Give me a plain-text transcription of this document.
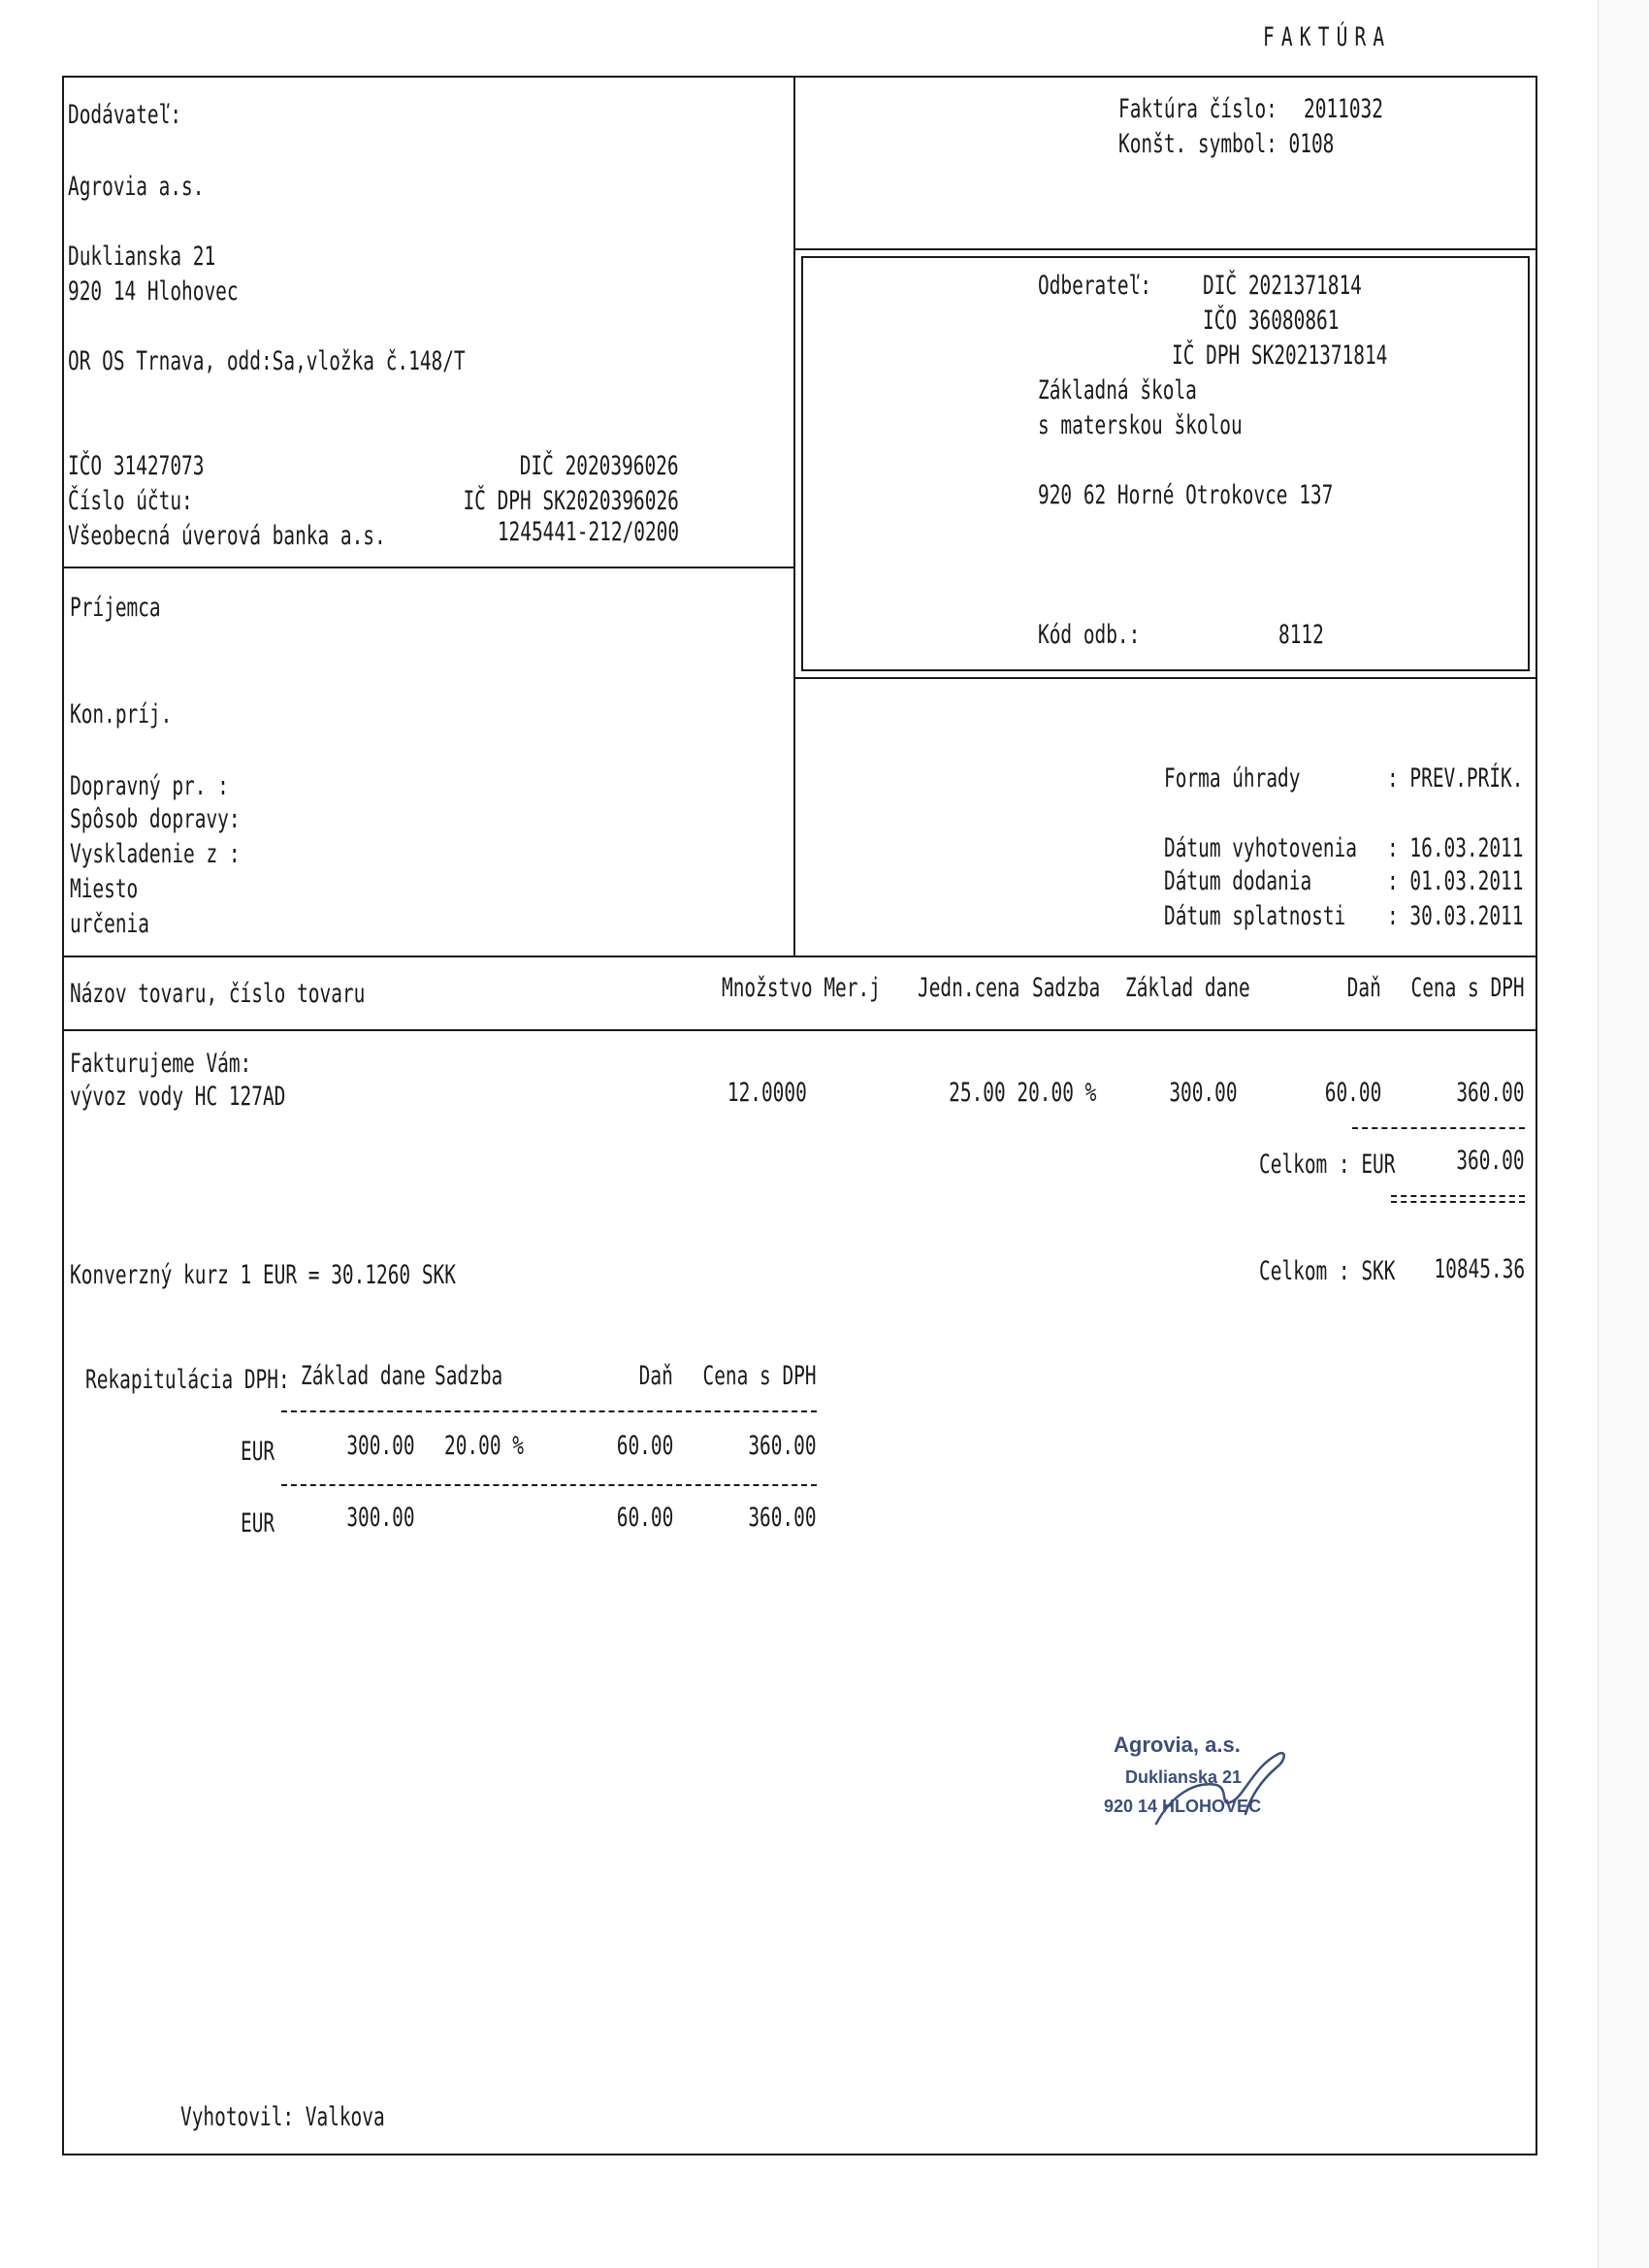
FAKTÚRA
Dodávateľ:
Agrovia a.s.
Duklianska 21
920 14 Hlohovec
OR OS Trnava, odd:Sa,vložka č.148/T
IČO 31427073	DIČ 2020396026
Číslo účtu:	IČ DPH SK2020396026
Všeobecná úverová banka a.s.	1245441-212/0200
Faktúra číslo: 2011032
Konšt. symbol: 0108
Odberateľ: DIČ 2021371814
IČO 36080861
IČ DPH SK2021371814
Základná škola
s materskou školou
920 62 Horné Otrokovce 137
Kód odb.:	8112
Príjemca
Kon.príj.
Dopravný pr. :
Spôsob dopravy:
Vyskladenie z :
Miesto
určenia
Forma úhrady	: PREV.PRÍK.
Dátum vyhotovenia : 16.03.2011
Dátum dodania	: 01.03.2011
Dátum splatnosti : 30.03.2011
Názov tovaru, číslo tovaru	Množstvo Mer.j Jedn.cena Sadzba Základ dane	Daň Cena s DPH
Fakturujeme Vám:
vývoz vody HC 127AD	12.0000	25.00 20.00 %	300.00	60.00	360.00
Celkom : EUR 360.00
Konverzný kurz 1 EUR = 30.1260 SKK	Celkom : SKK 10845.36
Rekapitulácia DPH: Základ dane Sadzba	Daň Cena s DPH
EUR	300.00 20.00 %	60.00	360.00
EUR	300.00	60.00	360.00
Agrovia, a.s.
Duklianska 21
920 14 HLOHOVEC
Vyhotovil: Valkova
